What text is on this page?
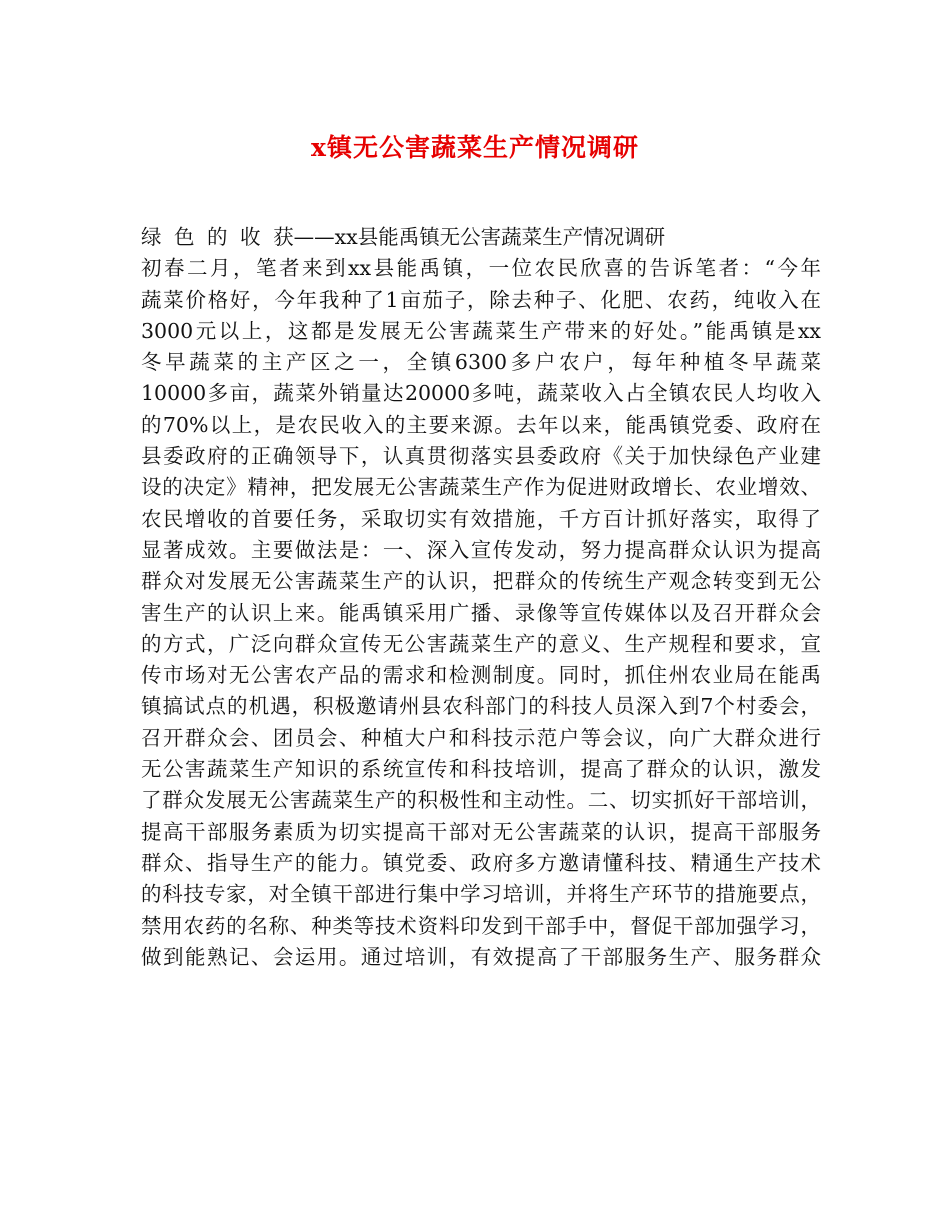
x镇无公害蔬菜生产情况调研
绿 色 的 收 获——xx县能禹镇无公害蔬菜生产情况调研
初春二月，笔者来到xx县能禹镇，一位农民欣喜的告诉笔者：“今年
蔬菜价格好，今年我种了1亩茄子，除去种子、化肥、农药，纯收入在
3000元以上，这都是发展无公害蔬菜生产带来的好处。”能禹镇是xx
冬早蔬菜的主产区之一，全镇6300多户农户，每年种植冬早蔬菜
10000多亩，蔬菜外销量达20000多吨，蔬菜收入占全镇农民人均收入
的70%以上，是农民收入的主要来源。去年以来，能禹镇党委、政府在
县委政府的正确领导下，认真贯彻落实县委政府《关于加快绿色产业建
设的决定》精神，把发展无公害蔬菜生产作为促进财政增长、农业增效、
农民增收的首要任务，采取切实有效措施，千方百计抓好落实，取得了
显著成效。主要做法是：一、深入宣传发动，努力提高群众认识为提高
群众对发展无公害蔬菜生产的认识，把群众的传统生产观念转变到无公
害生产的认识上来。能禹镇采用广播、录像等宣传媒体以及召开群众会
的方式，广泛向群众宣传无公害蔬菜生产的意义、生产规程和要求，宣
传市场对无公害农产品的需求和检测制度。同时，抓住州农业局在能禹
镇搞试点的机遇，积极邀请州县农科部门的科技人员深入到7个村委会，
召开群众会、团员会、种植大户和科技示范户等会议，向广大群众进行
无公害蔬菜生产知识的系统宣传和科技培训，提高了群众的认识，激发
了群众发展无公害蔬菜生产的积极性和主动性。二、切实抓好干部培训，
提高干部服务素质为切实提高干部对无公害蔬菜的认识，提高干部服务
群众、指导生产的能力。镇党委、政府多方邀请懂科技、精通生产技术
的科技专家，对全镇干部进行集中学习培训，并将生产环节的措施要点，
禁用农药的名称、种类等技术资料印发到干部手中，督促干部加强学习，
做到能熟记、会运用。通过培训，有效提高了干部服务生产、服务群众
